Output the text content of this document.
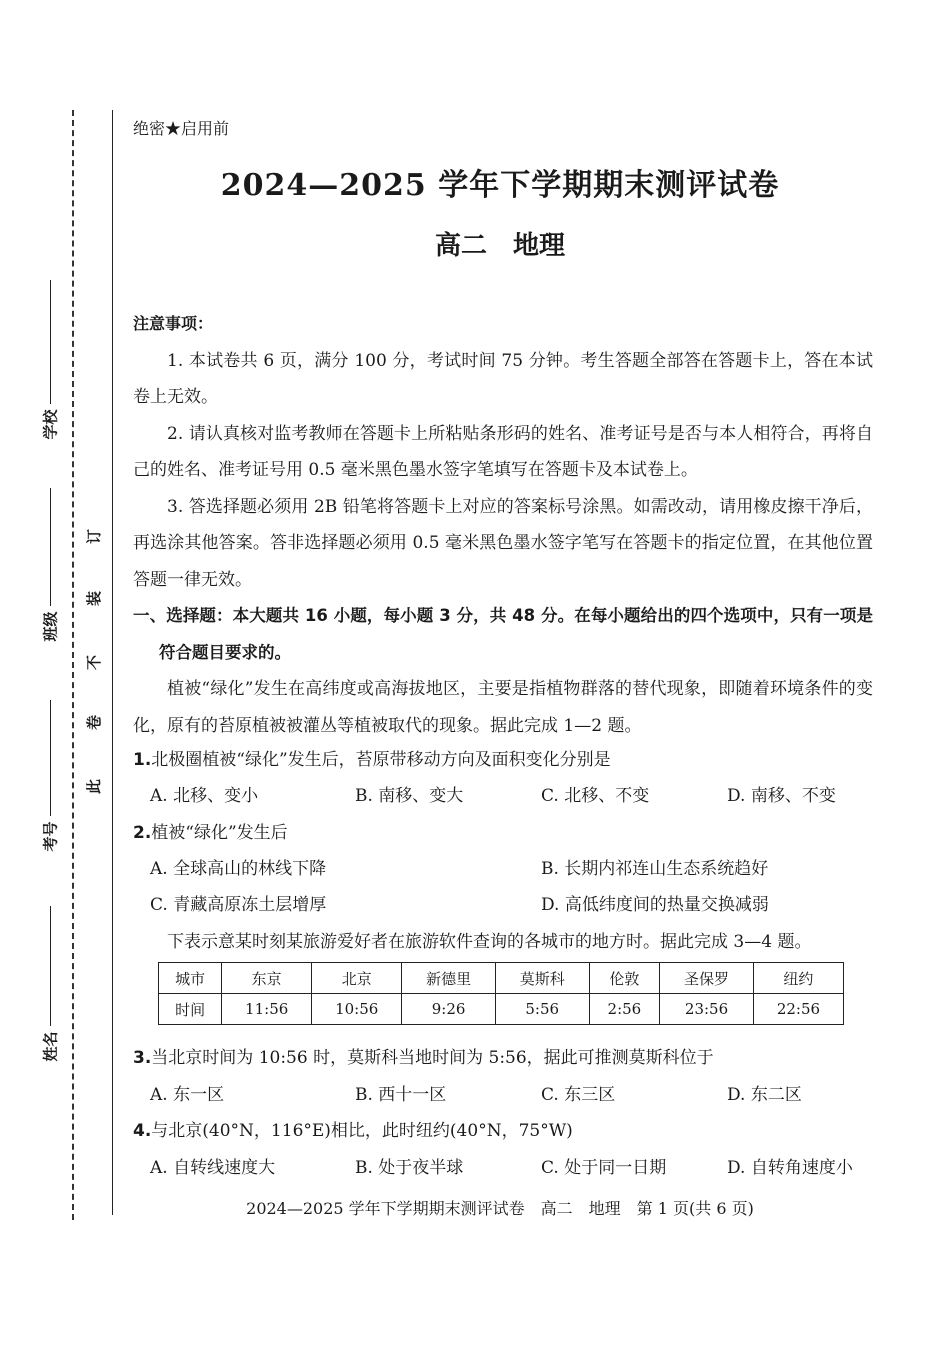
学校
班级
考号
姓名
订
装
不
卷
此
绝密★启用前
2024—2025 学年下学期期末测评试卷
高二　地理
注意事项：
1. 本试卷共 6 页，满分 100 分，考试时间 75 分钟。考生答题全部答在答题卡上，答在本试卷上无效。
2. 请认真核对监考教师在答题卡上所粘贴条形码的姓名、准考证号是否与本人相符合，再将自己的姓名、准考证号用 0.5 毫米黑色墨水签字笔填写在答题卡及本试卷上。
3. 答选择题必须用 2B 铅笔将答题卡上对应的答案标号涂黑。如需改动，请用橡皮擦干净后，再选涂其他答案。答非选择题必须用 0.5 毫米黑色墨水签字笔写在答题卡的指定位置，在其他位置答题一律无效。
一、选择题：本大题共 16 小题，每小题 3 分，共 48 分。在每小题给出的四个选项中，只有一项是符合题目要求的。
植被“绿化”发生在高纬度或高海拔地区，主要是指植物群落的替代现象，即随着环境条件的变化，原有的苔原植被被灌丛等植被取代的现象。据此完成 1—2 题。
1.北极圈植被“绿化”发生后，苔原带移动方向及面积变化分别是
A. 北移、变小	B. 南移、变大	C. 北移、不变	D. 南移、不变
2.植被“绿化”发生后
A. 全球高山的林线下降	B. 长期内祁连山生态系统趋好
C. 青藏高原冻土层增厚	D. 高低纬度间的热量交换减弱
下表示意某时刻某旅游爱好者在旅游软件查询的各城市的地方时。据此完成 3—4 题。
城市	东京	北京	新德里	莫斯科	伦敦	圣保罗	纽约
时间	11:56	10:56	9:26	5:56	2:56	23:56	22:56
3.当北京时间为 10:56 时，莫斯科当地时间为 5:56，据此可推测莫斯科位于
A. 东一区	B. 西十一区	C. 东三区	D. 东二区
4.与北京(40°N，116°E)相比，此时纽约(40°N，75°W)
A. 自转线速度大	B. 处于夜半球	C. 处于同一日期	D. 自转角速度小
2024—2025 学年下学期期末测评试卷　高二　地理　第 1 页(共 6 页)
